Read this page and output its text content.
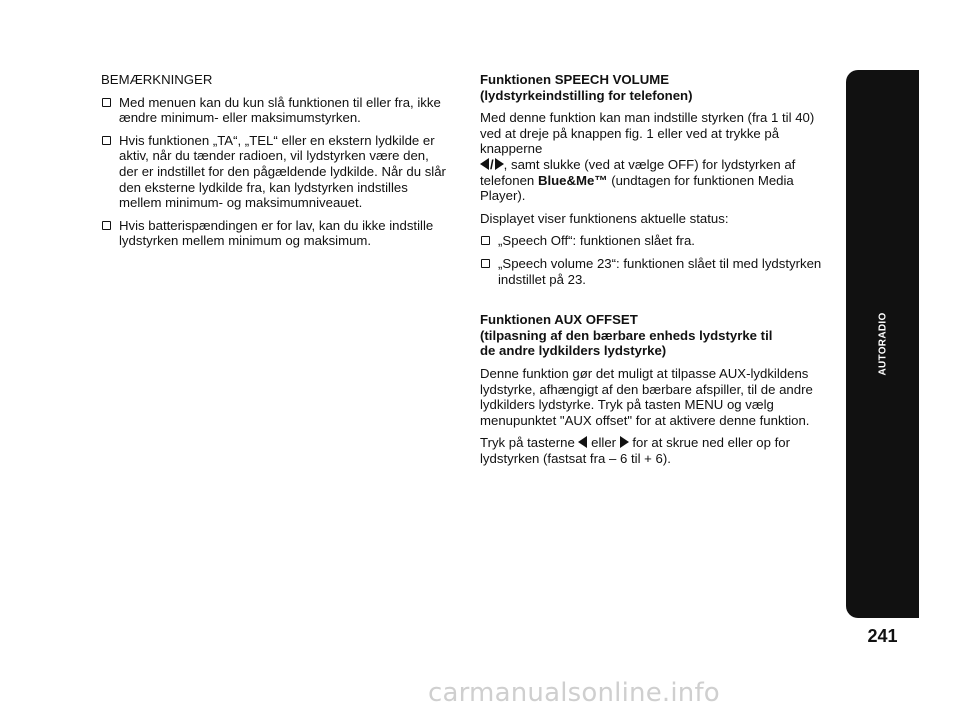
BEMÆRKNINGER

Med menuen kan du kun slå funktionen til eller fra, ikke ændre minimum- eller maksimumstyrken.
Hvis funktionen „TA“, „TEL“ eller en ekstern lydkilde er aktiv, når du tænder radioen, vil lydstyrken være den, der er indstillet for den pågældende lydkilde. Når du slår den eksterne lydkilde fra, kan lydstyrken indstilles mellem minimum- og maksimumniveauet.
Hvis batterispændingen er for lav, kan du ikke indstille lydstyrken mellem minimum og maksimum.
Funktionen SPEECH VOLUME
(lydstyrkeindstilling for telefonen)

Med denne funktion kan man indstille styrken (fra 1 til 40) ved at dreje på knappen fig. 1 eller ved at trykke på knapperne
/ , samt slukke (ved at vælge OFF) for lydstyrken af telefonen Blue&Me™ (undtagen for funktionen Media Player).

Displayet viser funktionens aktuelle status:

„Speech Off“: funktionen slået fra.
„Speech volume 23“: funktionen slået til med lydstyrken indstillet på 23.
Funktionen AUX OFFSET
(tilpasning af den bærbare enheds lydstyrke til
de andre lydkilders lydstyrke)

Denne funktion gør det muligt at tilpasse AUX-lydkildens lydstyrke, afhængigt af den bærbare afspiller, til de andre lydkilders lydstyrke. Tryk på tasten MENU og vælg menupunktet "AUX offset" for at aktivere denne funktion.

Tryk på tasterne  eller  for at skrue ned eller op for lydstyrken (fastsat fra – 6 til + 6).

AUTORADIO
241
carmanualsonline.info
